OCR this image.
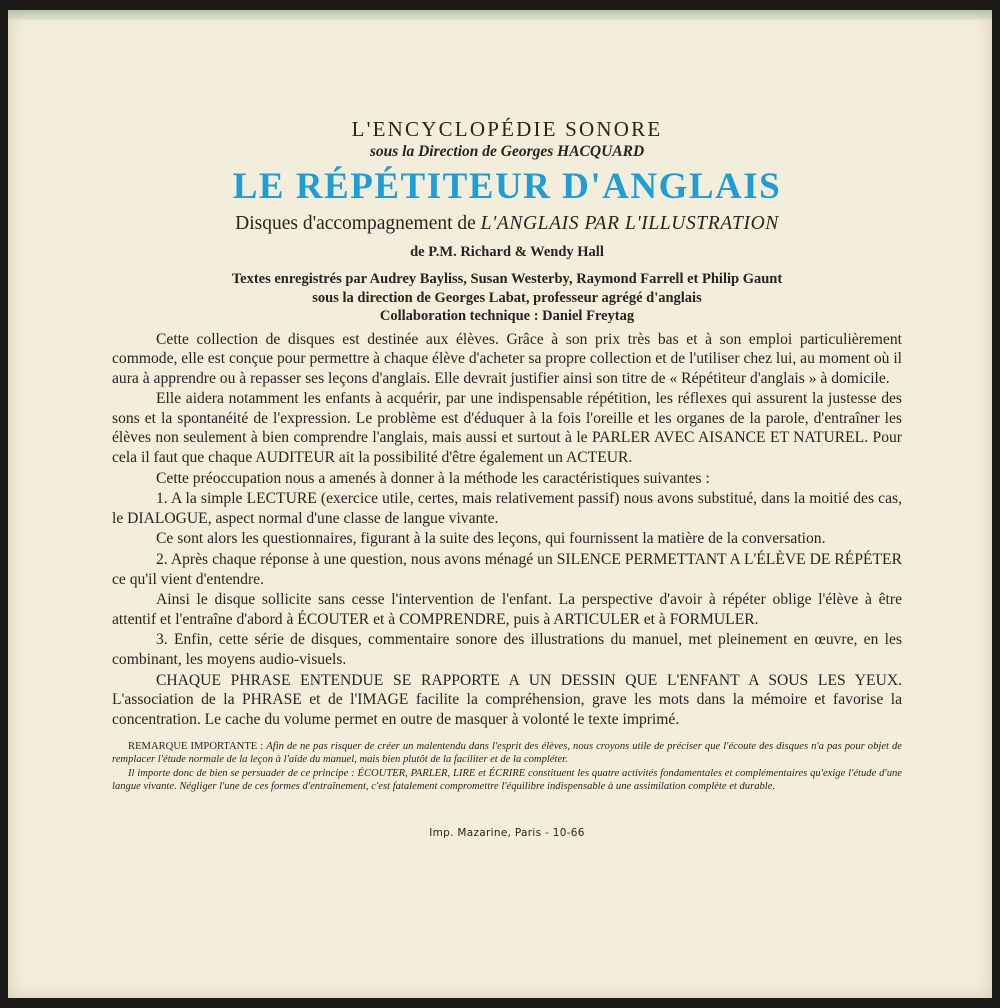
L'ENCYCLOPÉDIE SONORE
sous la Direction de Georges HACQUARD
LE RÉPÉTITEUR D'ANGLAIS
Disques d'accompagnement de L'ANGLAIS PAR L'ILLUSTRATION
de P.M. Richard & Wendy Hall
Textes enregistrés par Audrey Bayliss, Susan Westerby, Raymond Farrell et Philip Gaunt
sous la direction de Georges Labat, professeur agrégé d'anglais
Collaboration technique : Daniel Freytag

Cette collection de disques est destinée aux élèves. Grâce à son prix très bas et à son emploi particulièrement commode, elle est conçue pour permettre à chaque élève d'acheter sa propre collection et de l'utiliser chez lui, au moment où il aura à apprendre ou à repasser ses leçons d'anglais. Elle devrait justifier ainsi son titre de « Répétiteur d'anglais » à domicile.

Elle aidera notamment les enfants à acquérir, par une indispensable répétition, les réflexes qui assurent la justesse des sons et la spontanéité de l'expression. Le problème est d'éduquer à la fois l'oreille et les organes de la parole, d'entraîner les élèves non seulement à bien comprendre l'anglais, mais aussi et surtout à le PARLER AVEC AISANCE ET NATUREL. Pour cela il faut que chaque AUDITEUR ait la possibilité d'être également un ACTEUR.

Cette préoccupation nous a amenés à donner à la méthode les caractéristiques suivantes :

1. A la simple LECTURE (exercice utile, certes, mais relativement passif) nous avons substitué, dans la moitié des cas, le DIALOGUE, aspect normal d'une classe de langue vivante.

Ce sont alors les questionnaires, figurant à la suite des leçons, qui fournissent la matière de la conversation.

2. Après chaque réponse à une question, nous avons ménagé un SILENCE PERMETTANT A L'ÉLÈVE DE RÉPÉTER ce qu'il vient d'entendre.

Ainsi le disque sollicite sans cesse l'intervention de l'enfant. La perspective d'avoir à répéter oblige l'élève à être attentif et l'entraîne d'abord à ÉCOUTER et à COMPRENDRE, puis à ARTICULER et à FORMULER.

3. Enfin, cette série de disques, commentaire sonore des illustrations du manuel, met pleinement en œuvre, en les combinant, les moyens audio-visuels.

CHAQUE PHRASE ENTENDUE SE RAPPORTE A UN DESSIN QUE L'ENFANT A SOUS LES YEUX. L'association de la PHRASE et de l'IMAGE facilite la compréhension, grave les mots dans la mémoire et favorise la concentration. Le cache du volume permet en outre de masquer à volonté le texte imprimé.

REMARQUE IMPORTANTE : Afin de ne pas risquer de créer un malentendu dans l'esprit des élèves, nous croyons utile de préciser que l'écoute des disques n'a pas pour objet de remplacer l'étude normale de la leçon à l'aide du manuel, mais bien plutôt de la faciliter et de la compléter.

Il importe donc de bien se persuader de ce principe : ÉCOUTER, PARLER, LIRE et ÉCRIRE constituent les quatre activités fondamentales et complémentaires qu'exige l'étude d'une langue vivante. Négliger l'une de ces formes d'entraînement, c'est fatalement compromettre l'équilibre indispensable à une assimilation complète et durable.

Imp. Mazarine, Paris - 10-66
